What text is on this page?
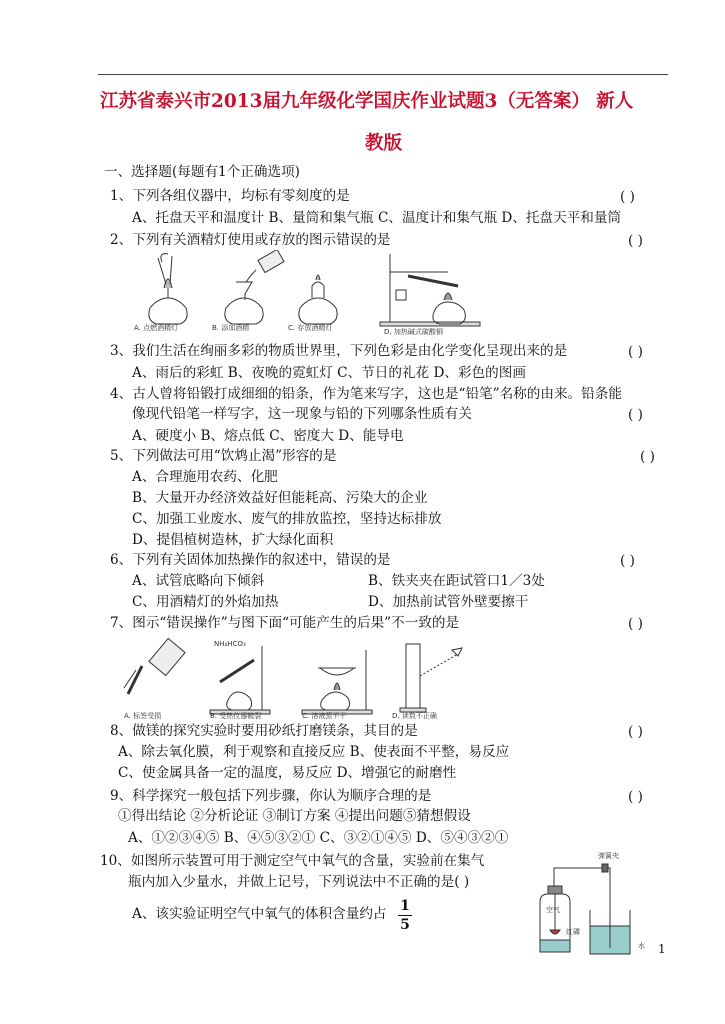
江苏省泰兴市2013届九年级化学国庆作业试题3（无答案） 新人
教版
一、选择题(每题有1个正确选项)
1、下列各组仪器中，均标有零刻度的是	( )
A、托盘天平和温度计 B、量筒和集气瓶 C、温度计和集气瓶 D、托盘天平和量筒
2、下列有关酒精灯使用或存放的图示错误的是	( )
A. 点燃酒精灯	B. 添加酒精	C. 存放酒精灯	D. 加热碱式碳酸铜
3、我们生活在绚丽多彩的物质世界里，下列色彩是由化学变化呈现出来的是	( )
A、雨后的彩虹 B、夜晚的霓虹灯 C、节日的礼花 D、彩色的图画
4、古人曾将铅锻打成细细的铅条，作为笔来写字，这也是“铅笔”名称的由来。铅条能
像现代铅笔一样写字，这一现象与铅的下列哪条性质有关	( )
A、硬度小 B、熔点低 C、密度大 D、能导电
5、下列做法可用“饮鸩止渴”形容的是	( )
A、合理施用农药、化肥
B、大量开办经济效益好但能耗高、污染大的企业
C、加强工业废水、废气的排放监控，坚持达标排放
D、提倡植树造林，扩大绿化面积
6、下列有关固体加热操作的叙述中，错误的是	( )
A、试管底略向下倾斜	B、铁夹夹在距试管口1／3处
C、用酒精灯的外焰加热	D、加热前试管外壁要擦干
7、图示“错误操作”与图下面“可能产生的后果”不一致的是	( )
A. 标签受损
NH₄HCO₃
B. 受热仪器破裂	C. 溶液蒸不干	D. 读数不正确
8、做镁的探究实验时要用砂纸打磨镁条，其目的是	( )
A、除去氧化膜，利于观察和直接反应 B、使表面不平整，易反应
C、使金属具备一定的温度，易反应 D、增强它的耐磨性
9、科学探究一般包括下列步骤，你认为顺序合理的是	( )
①得出结论 ②分析论证 ③制订方案 ④提出问题⑤猜想假设
A、①②③④⑤ B、④⑤③②① C、③②①④⑤ D、⑤④③②①
10、如图所示装置可用于测定空气中氧气的含量，实验前在集气
瓶内加入少量水，并做上记号，下列说法中不正确的是( )
A、该实验证明空气中氧气的体积含量约占 1
5
弹簧夹
空气
红磷
水 1
